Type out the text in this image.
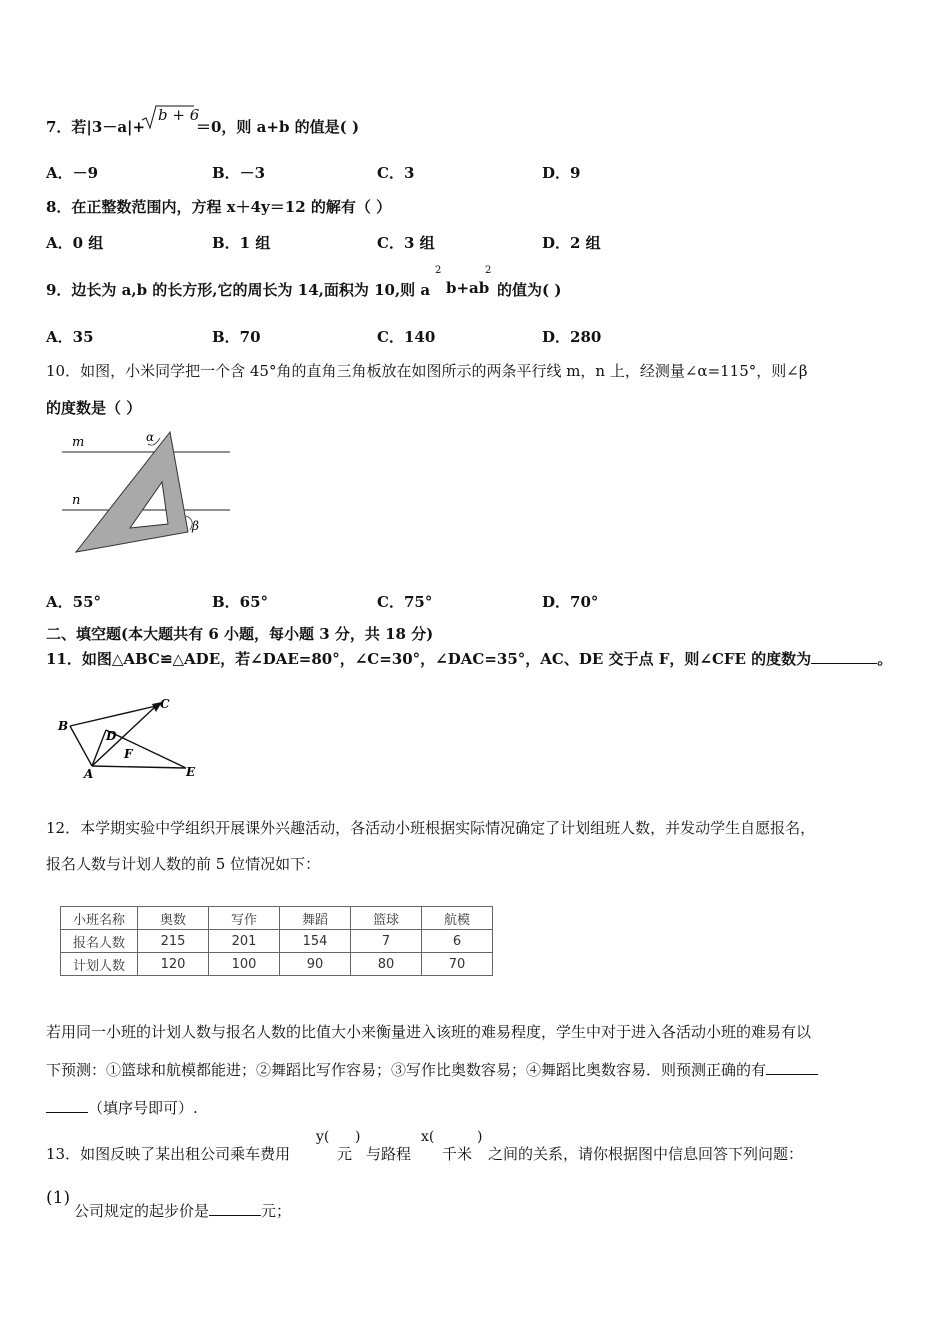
7．若|3－a|+
b + 6
＝0，则 a+b 的值是( )
A．－9	B．－3	C．3	D．9
8．在正整数范围内，方程 x＋4y＝12 的解有（ ）
A．0 组	B．1 组	C．3 组	D．2 组
9．边长为 a,b 的长方形,它的周长为 14,面积为 10,则 a
2
b+ab
2
的值为( )
A．35	B．70	C．140	D．280
10．如图，小米同学把一个含 45°角的直角三角板放在如图所示的两条平行线 m，n 上，经测量∠α=115°，则∠β
的度数是（ ）
m
n
α
β
A．55°	B．65°	C．75°	D．70°
二、填空题(本大题共有 6 小题，每小题 3 分，共 18 分)
11．如图△ABC≌△ADE，若∠DAE=80°，∠C=30°，∠DAC=35°，AC、DE 交于点 F，则∠CFE 的度数为	。
A
B
C
D
E
F
12．本学期实验中学组织开展课外兴趣活动，各活动小班根据实际情况确定了计划组班人数，并发动学生自愿报名，
报名人数与计划人数的前 5 位情况如下：
小班名称	奥数	写作	舞蹈	篮球	航模
报名人数	215	201	154	7	6
计划人数	120	100	90	80	70
若用同一小班的计划人数与报名人数的比值大小来衡量进入该班的难易程度，学生中对于进入各活动小班的难易有以
下预测：①篮球和航模都能进；②舞蹈比写作容易；③写作比奥数容易；④舞蹈比奥数容易．则预测正确的有
（填序号即可）.
13．如图反映了某出租公司乘车费用
y(
元
)
与路程
x(
千米
)
之间的关系，请你根据图中信息回答下列问题：
(1)
公司规定的起步价是	元；
